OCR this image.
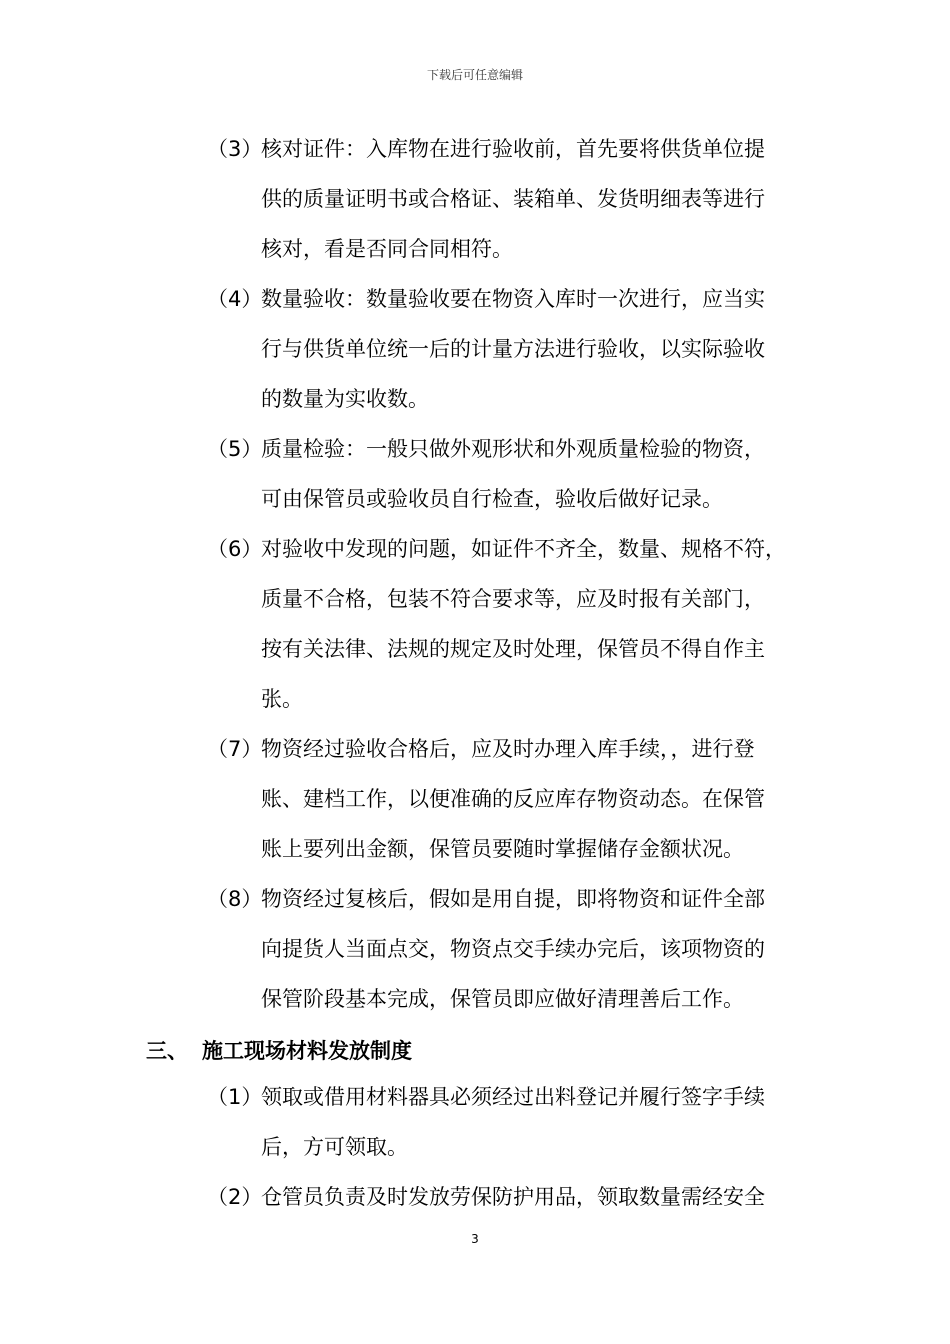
下载后可任意编辑
（3）核对证件：入库物在进行验收前，首先要将供货单位提
供的质量证明书或合格证、装箱单、发货明细表等进行
核对，看是否同合同相符。
（4）数量验收：数量验收要在物资入库时一次进行，应当实
行与供货单位统一后的计量方法进行验收，以实际验收
的数量为实收数。
（5）质量检验：一般只做外观形状和外观质量检验的物资，
可由保管员或验收员自行检查，验收后做好记录。
（6）对验收中发现的问题，如证件不齐全，数量、规格不符，
质量不合格，包装不符合要求等，应及时报有关部门，
按有关法律、法规的规定及时处理，保管员不得自作主
张。
（7）物资经过验收合格后，应及时办理入库手续，，进行登
账、建档工作，以便准确的反应库存物资动态。在保管
账上要列出金额，保管员要随时掌握储存金额状况。
（8）物资经过复核后，假如是用自提，即将物资和证件全部
向提货人当面点交，物资点交手续办完后，该项物资的
保管阶段基本完成，保管员即应做好清理善后工作。
三、 施工现场材料发放制度
（1）领取或借用材料器具必须经过出料登记并履行签字手续
后，方可领取。
（2）仓管员负责及时发放劳保防护用品，领取数量需经安全
3
